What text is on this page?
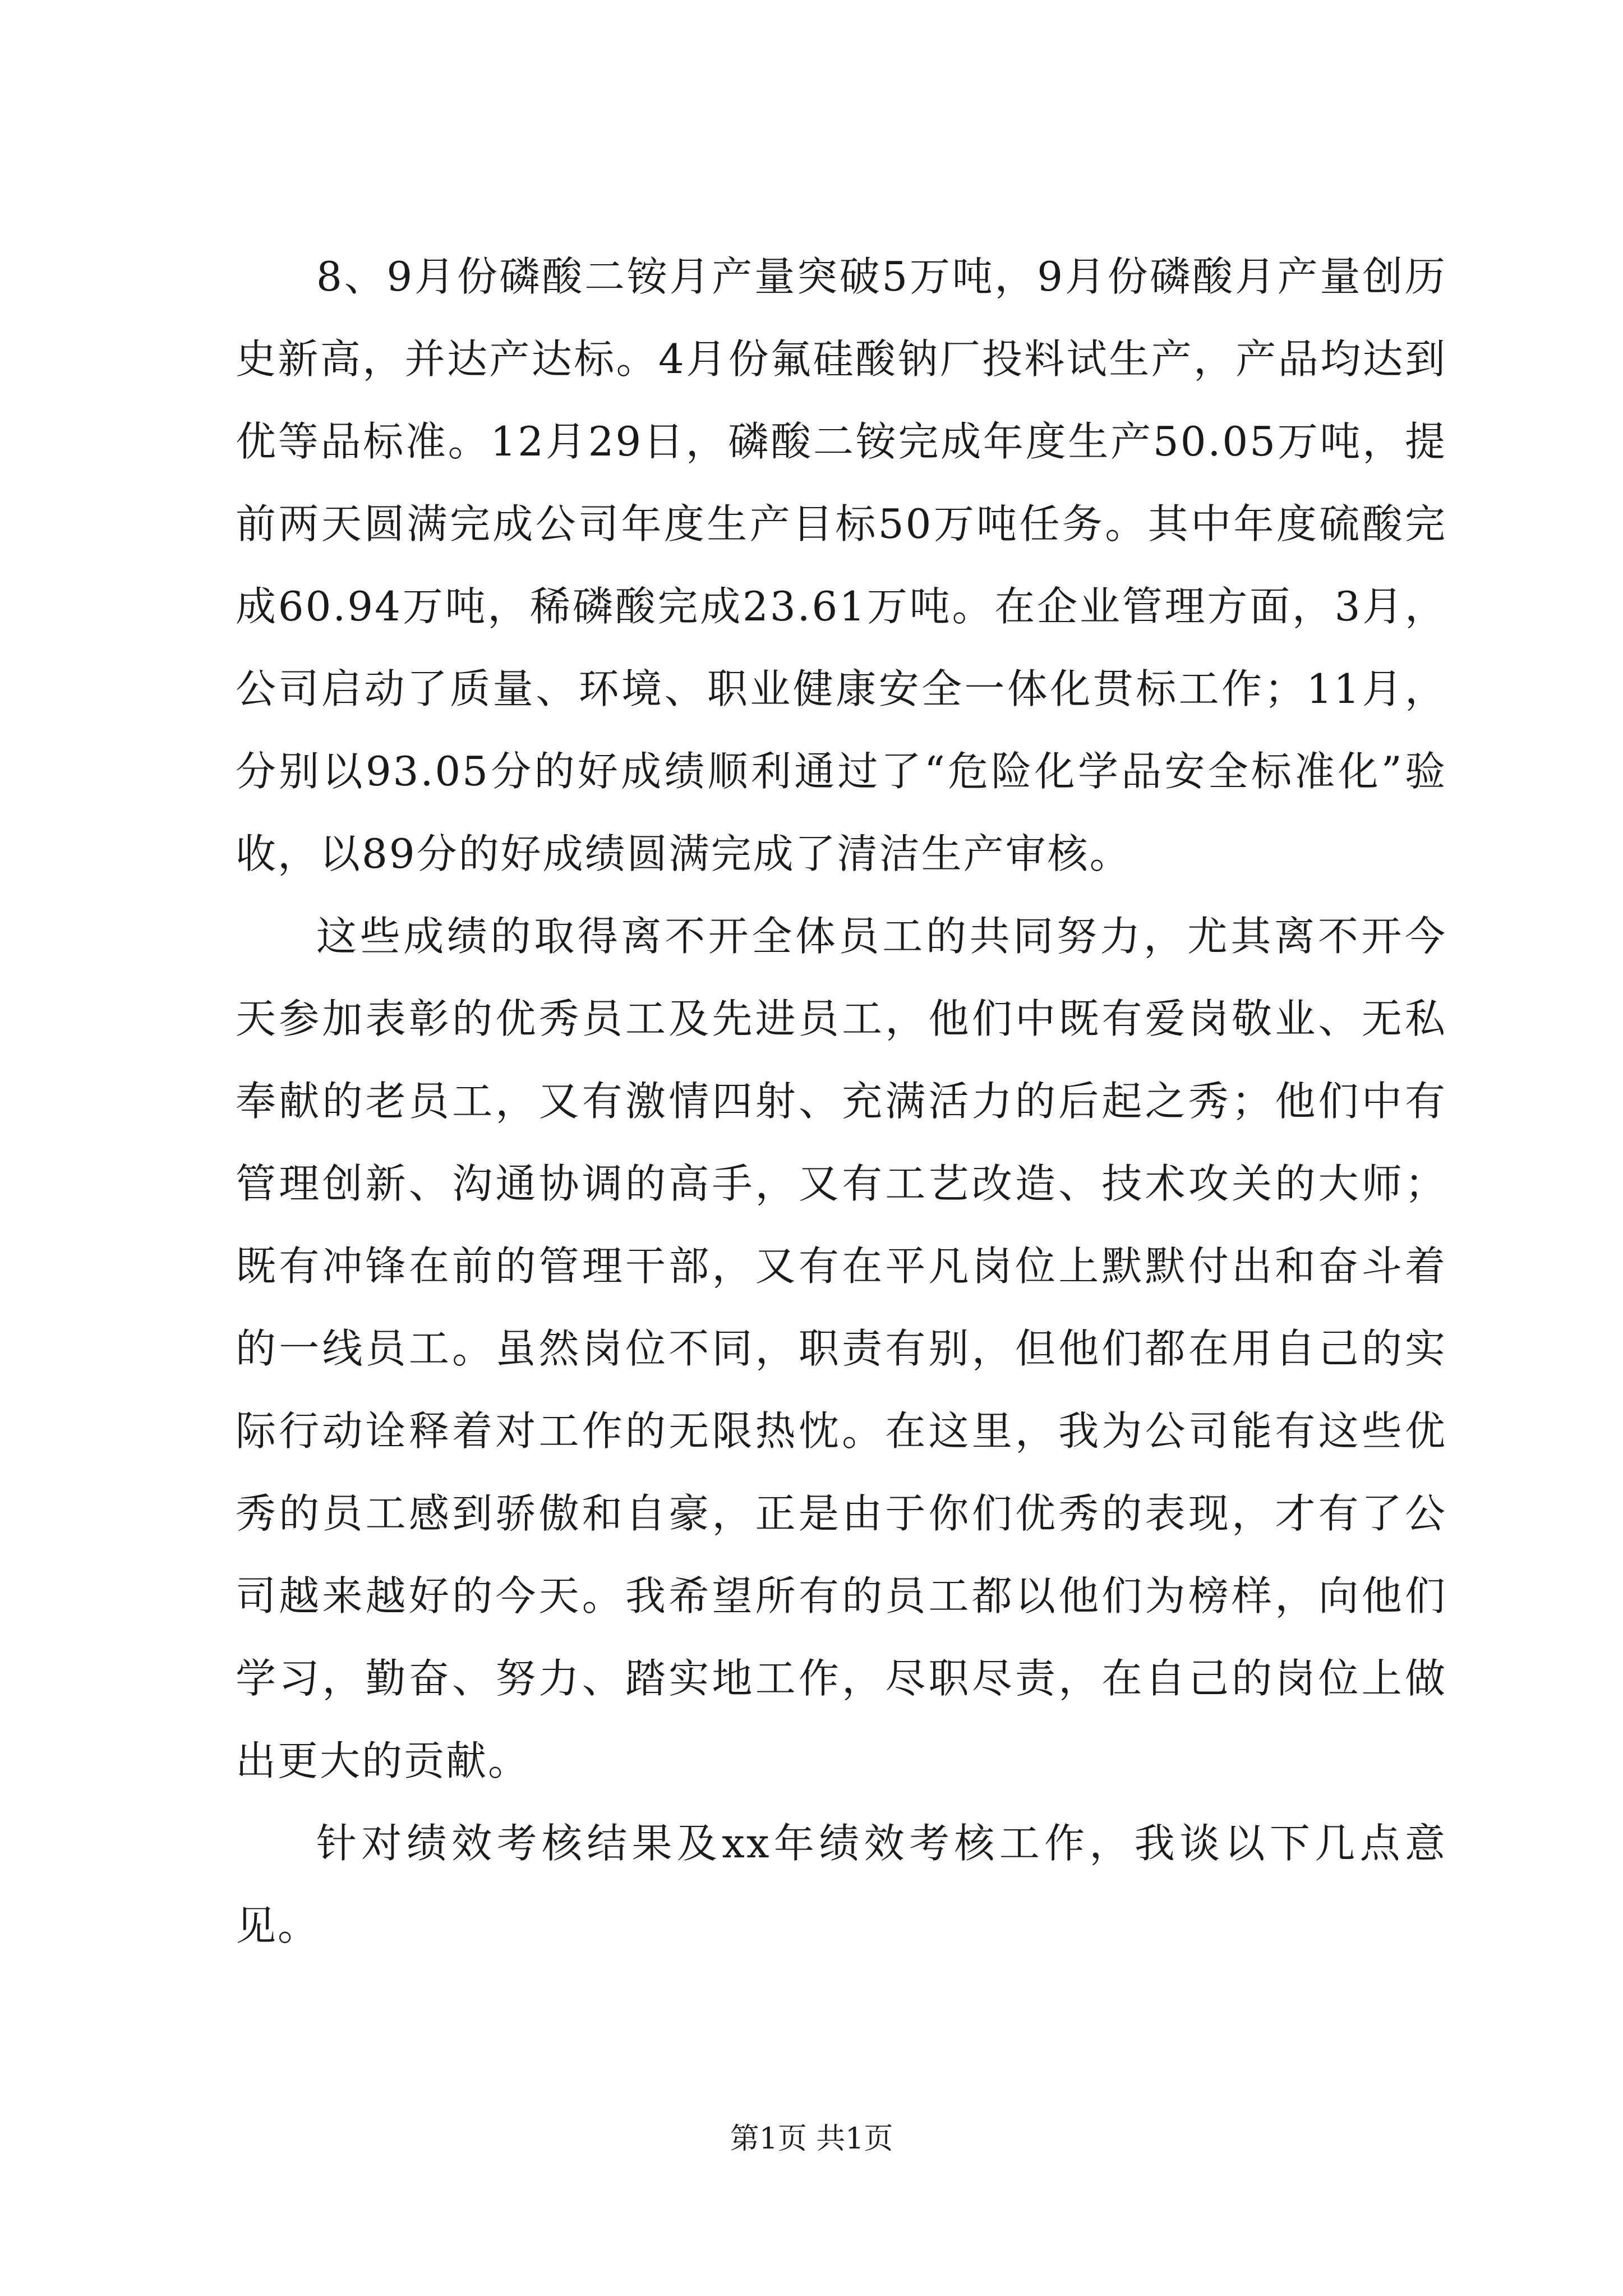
8、9月份磷酸二铵月产量突破5万吨，9月份磷酸月产量创历史新高，并达产达标。4月份氟硅酸钠厂投料试生产，产品均达到优等品标准。12月29日，磷酸二铵完成年度生产50.05万吨，提前两天圆满完成公司年度生产目标50万吨任务。其中年度硫酸完成60.94万吨，稀磷酸完成23.61万吨。在企业管理方面，3月，公司启动了质量、环境、职业健康安全一体化贯标工作；11月，分别以93.05分的好成绩顺利通过了“危险化学品安全标准化”验收，以89分的好成绩圆满完成了清洁生产审核。

这些成绩的取得离不开全体员工的共同努力，尤其离不开今天参加表彰的优秀员工及先进员工，他们中既有爱岗敬业、无私奉献的老员工，又有激情四射、充满活力的后起之秀；他们中有管理创新、沟通协调的高手，又有工艺改造、技术攻关的大师；既有冲锋在前的管理干部，又有在平凡岗位上默默付出和奋斗着的一线员工。虽然岗位不同，职责有别，但他们都在用自己的实际行动诠释着对工作的无限热忱。在这里，我为公司能有这些优秀的员工感到骄傲和自豪，正是由于你们优秀的表现，才有了公司越来越好的今天。我希望所有的员工都以他们为榜样，向他们学习，勤奋、努力、踏实地工作，尽职尽责，在自己的岗位上做出更大的贡献。

针对绩效考核结果及xx年绩效考核工作，我谈以下几点意见。

第1页 共1页
